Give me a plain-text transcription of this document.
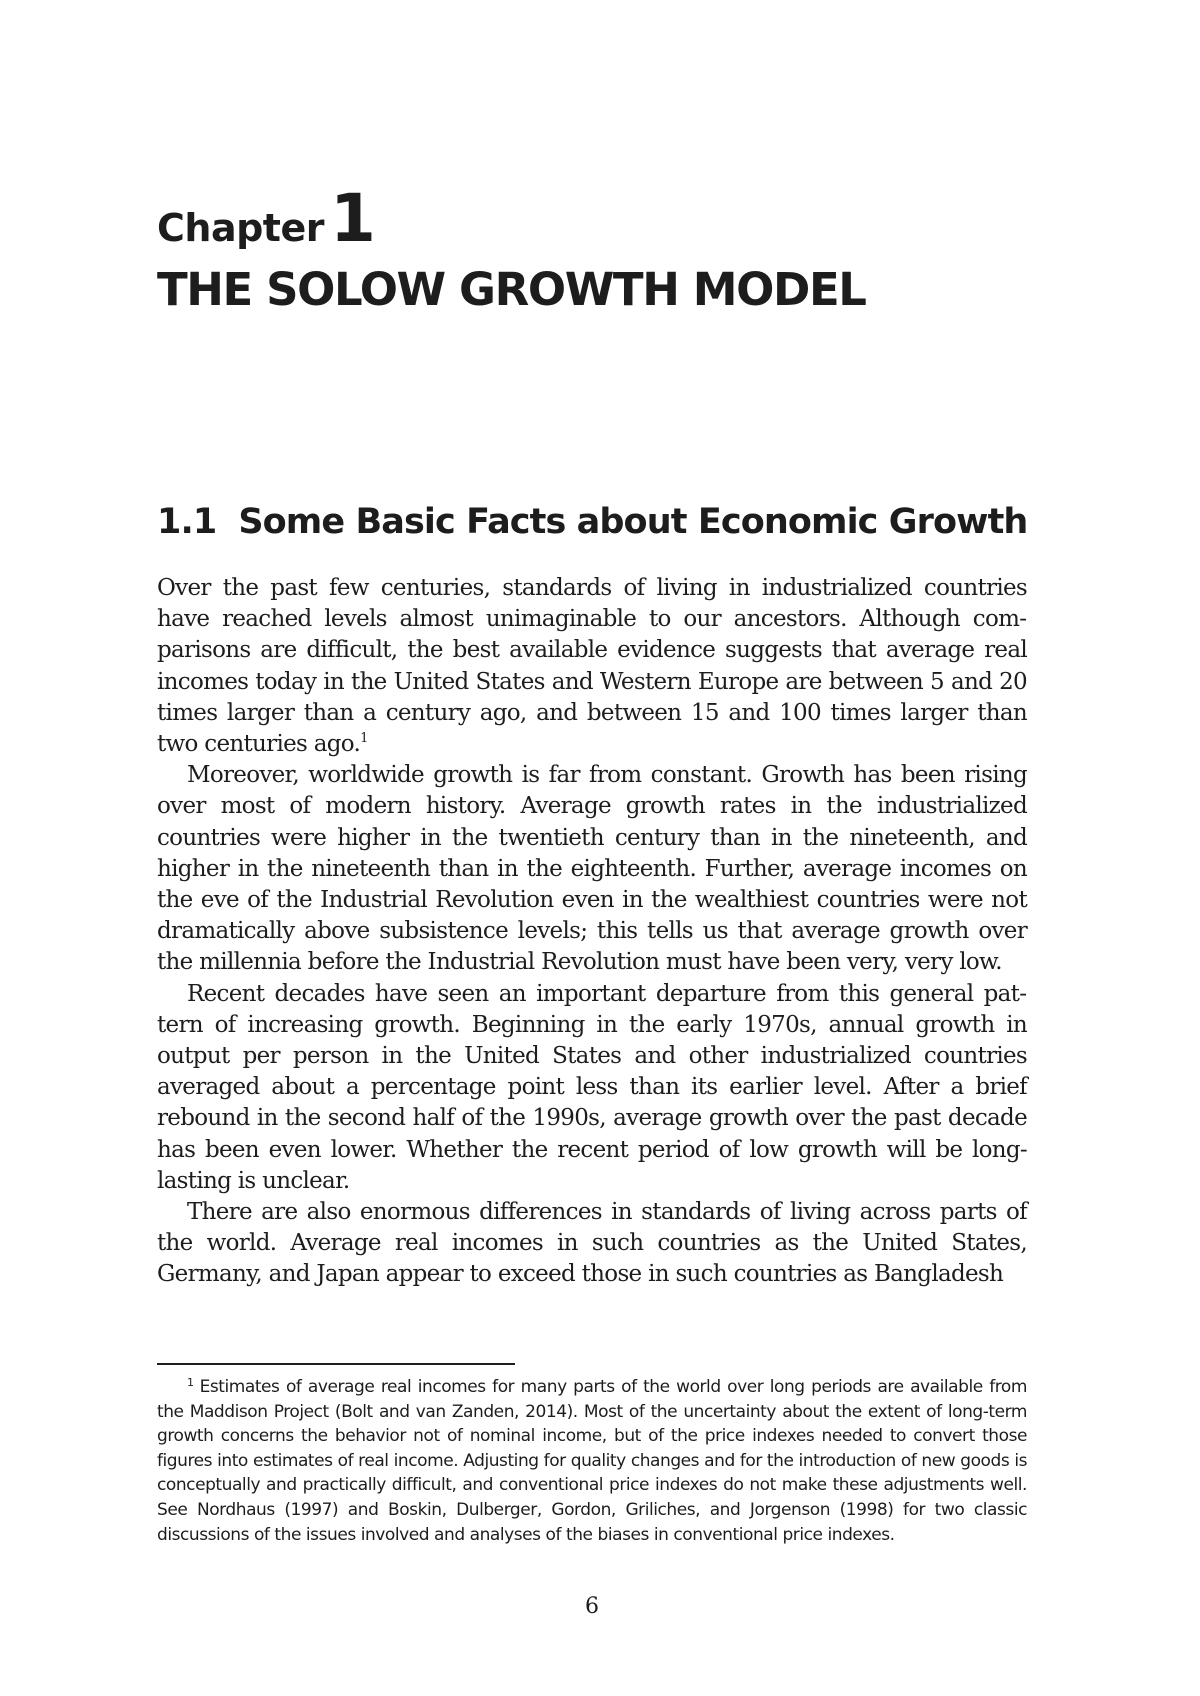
Chapter1
THE SOLOW GROWTH MODEL
1.1 Some Basic Facts about Economic Growth

Over the past few centuries, standards of living in industrialized countries have reached levels almost unimaginable to our ancestors. Although comparisons are difficult, the best available evidence suggests that average real incomes today in the United States and Western Europe are between 5 and 20 times larger than a century ago, and between 15 and 100 times larger than two centuries ago.$^1$

Moreover, worldwide growth is far from constant. Growth has been rising over most of modern history. Average growth rates in the industrialized countries were higher in the twentieth century than in the nineteenth, and higher in the nineteenth than in the eighteenth. Further, average incomes on the eve of the Industrial Revolution even in the wealthiest countries were not dramatically above subsistence levels; this tells us that average growth over the millennia before the Industrial Revolution must have been very, very low.

Recent decades have seen an important departure from this general pattern of increasing growth. Beginning in the early 1970s, annual growth in output per person in the United States and other industrialized countries averaged about a percentage point less than its earlier level. After a brief rebound in the second half of the 1990s, average growth over the past decade has been even lower. Whether the recent period of low growth will be long-lasting is unclear.

There are also enormous differences in standards of living across parts of the world. Average real incomes in such countries as the United States, Germany, and Japan appear to exceed those in such countries as Bangladesh

$^1$ Estimates of average real incomes for many parts of the world over long periods are available from the Maddison Project (Bolt and van Zanden, 2014). Most of the uncertainty about the extent of long-term growth concerns the behavior not of nominal income, but of the price indexes needed to convert those figures into estimates of real income. Adjusting for quality changes and for the introduction of new goods is conceptually and practically difficult, and conventional price indexes do not make these adjustments well. See Nordhaus (1997) and Boskin, Dulberger, Gordon, Griliches, and Jorgenson (1998) for two classic discussions of the issues involved and analyses of the biases in conventional price indexes.
6
